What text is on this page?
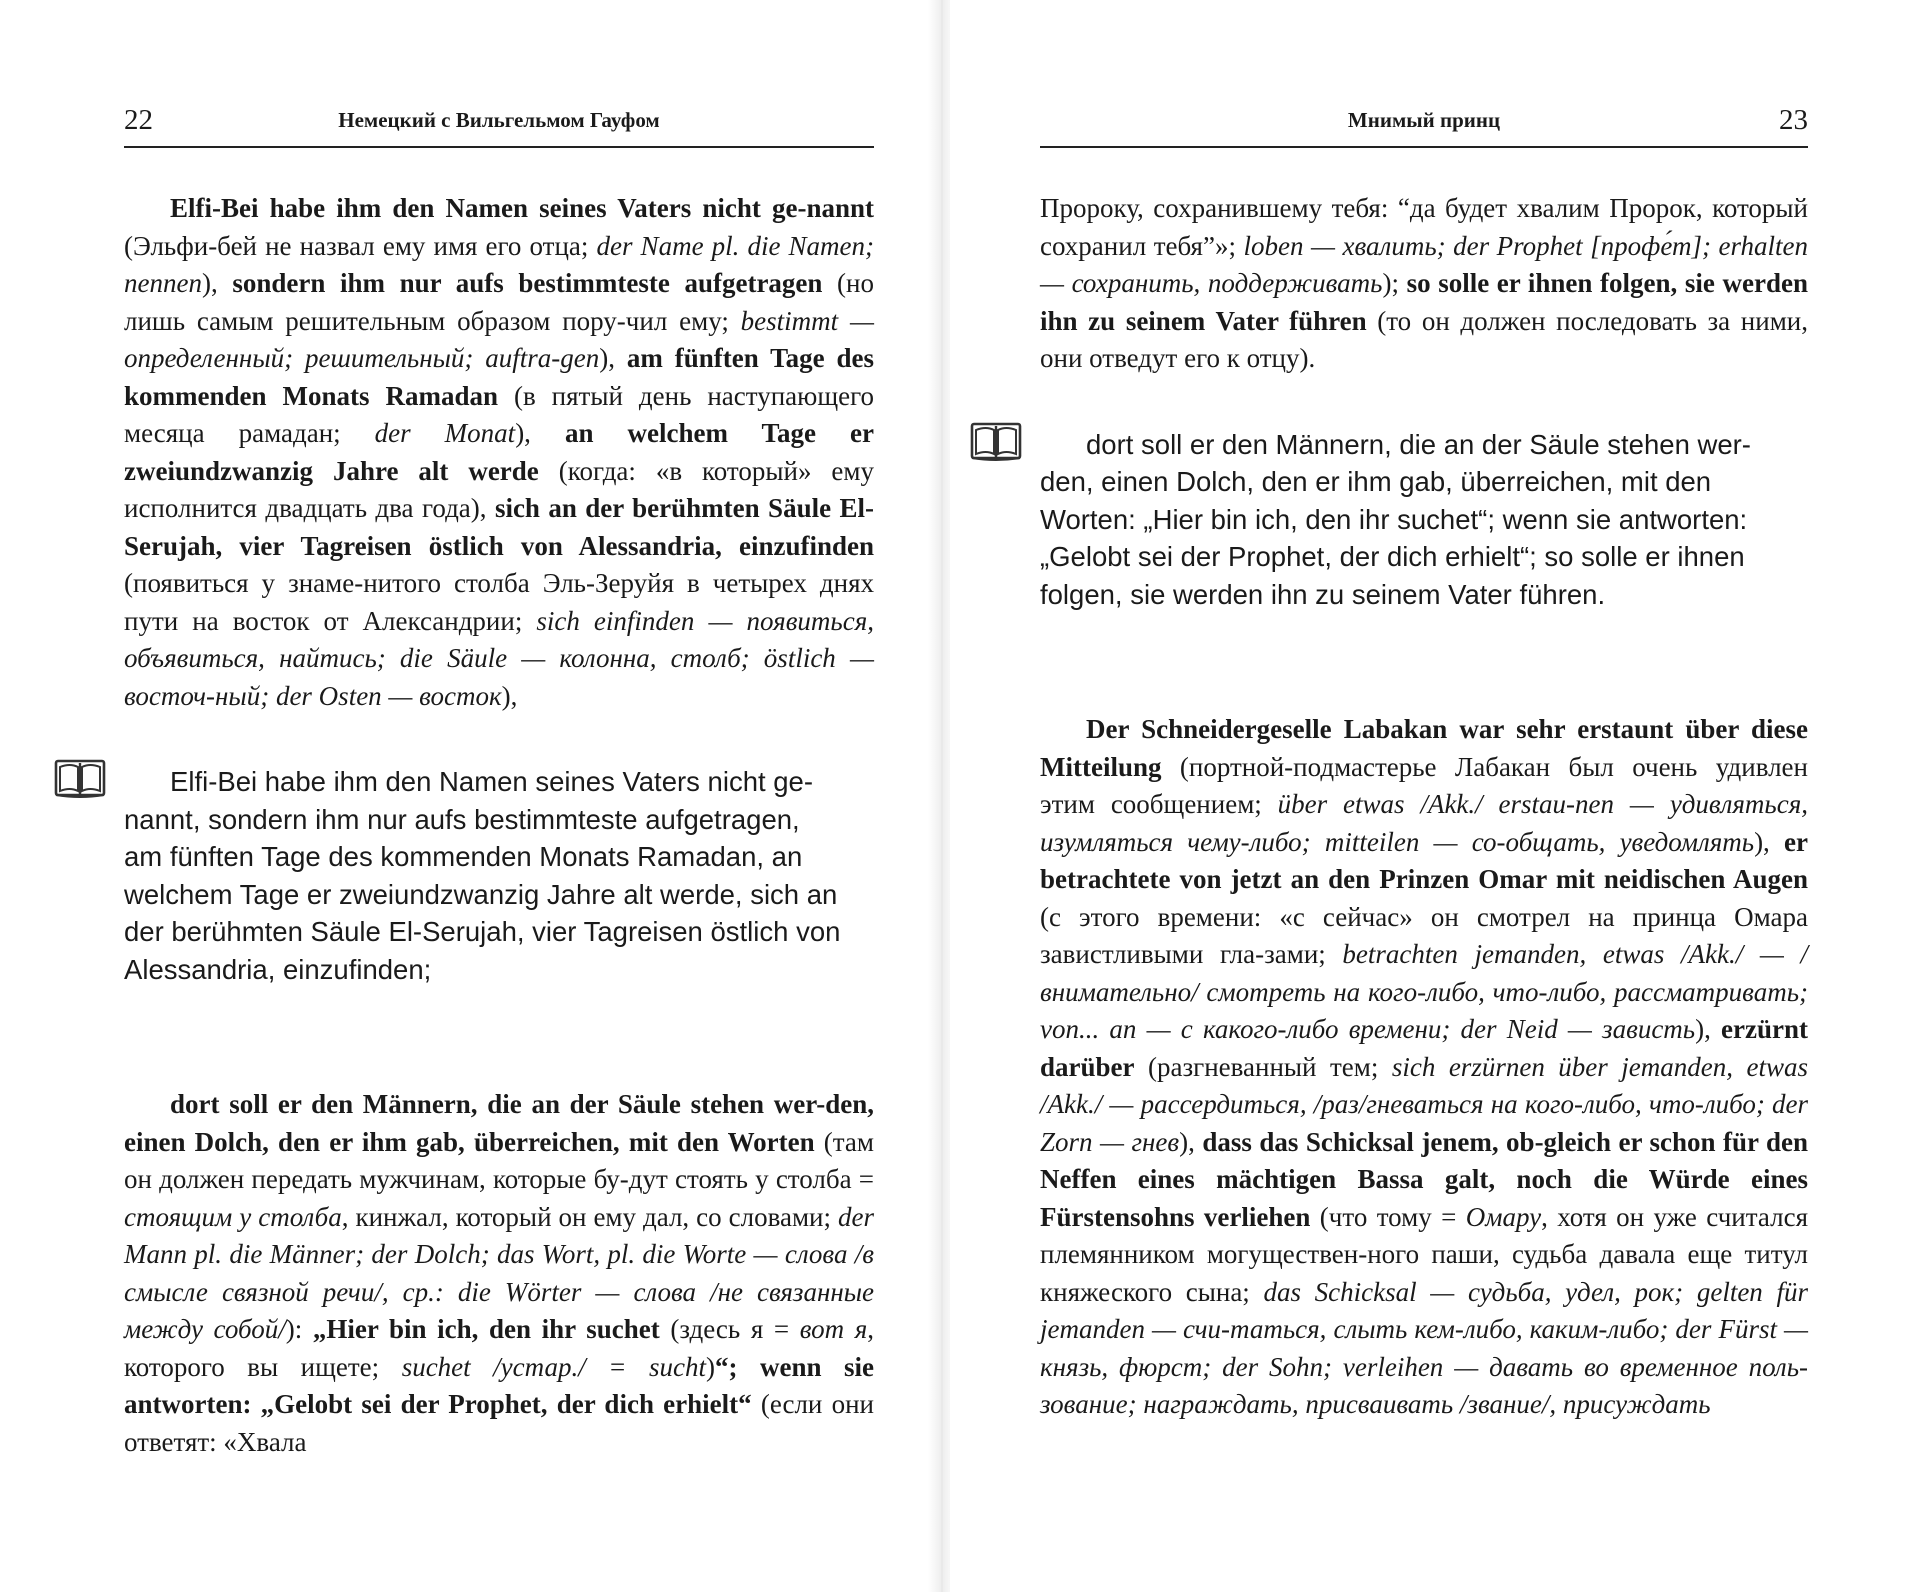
22	Немецкий с Вильгельмом Гауфом

Elfi-Bei habe ihm den Namen seines Vaters nicht ge-nannt (Эльфи-бей не назвал ему имя его отца; der Name pl. die Namen; nennen), sondern ihm nur aufs bestimmteste aufgetragen (но лишь самым решительным образом пору-чил ему; bestimmt — определенный; решительный; auftra-gen), am fünften Tage des kommenden Monats Ramadan (в пятый день наступающего месяца рамадан; der Monat), an welchem Tage er zweiundzwanzig Jahre alt werde (когда: «в который» ему исполнится двадцать два года), sich an der berühmten Säule El-Serujah, vier Tagreisen östlich von Alessandria, einzufinden (появиться у знаме-нитого столба Эль-Зеруйя в четырех днях пути на восток от Александрии; sich einfinden — появиться, объявиться, найтись; die Säule — колонна, столб; östlich — восточ-ный; der Osten — восток),

Elfi-Bei habe ihm den Namen seines Vaters nicht ge-
nannt, sondern ihm nur aufs bestimmteste aufgetragen,
am fünften Tage des kommenden Monats Ramadan, an
welchem Tage er zweiundzwanzig Jahre alt werde, sich an
der berühmten Säule El-Serujah, vier Tagreisen östlich von
Alessandria, einzufinden;

dort soll er den Männern, die an der Säule stehen wer-den, einen Dolch, den er ihm gab, überreichen, mit den Worten (там он должен передать мужчинам, которые бу-дут стоять у столба = стоящим у столба, кинжал, который он ему дал, со словами; der Mann pl. die Männer; der Dolch; das Wort, pl. die Worte — слова /в смысле связной речи/, ср.: die Wörter — слова /не связанные между собой/): „Hier bin ich, den ihr suchet (здесь я = вот я, которого вы ищете; suchet /устар./ = sucht)“; wenn sie antworten: „Gelobt sei der Prophet, der dich erhielt“ (если они ответят: «Хвала

Мнимый принц	23

Пророку, сохранившему тебя: “да будет хвалим Пророк, который сохранил тебя”»; loben — хвалить; der Prophet [профе́т]; erhalten — сохранить, поддерживать); so solle er ihnen folgen, sie werden ihn zu seinem Vater führen (то он должен последовать за ними, они отведут его к отцу).

dort soll er den Männern, die an der Säule stehen wer-
den, einen Dolch, den er ihm gab, überreichen, mit den
Worten: „Hier bin ich, den ihr suchet“; wenn sie antworten:
„Gelobt sei der Prophet, der dich erhielt“; so solle er ihnen
folgen, sie werden ihn zu seinem Vater führen.

Der Schneidergeselle Labakan war sehr erstaunt über diese Mitteilung (портной-подмастерье Лабакан был очень удивлен этим сообщением; über etwas /Akk./ erstau-nen — удивляться, изумляться чему-либо; mitteilen — со-общать, уведомлять), er betrachtete von jetzt an den Prinzen Omar mit neidischen Augen (с этого времени: «с сейчас» он смотрел на принца Омара завистливыми гла-зами; betrachten jemanden, etwas /Akk./ — /внимательно/ смотреть на кого-либо, что-либо, рассматривать; von... an — с какого-либо времени; der Neid — зависть), erzürnt darüber (разгневанный тем; sich erzürnen über jemanden, etwas /Akk./ — рассердиться, /раз/гневаться на кого-либо, что-либо; der Zorn — гнев), dass das Schicksal jenem, ob-gleich er schon für den Neffen eines mächtigen Bassa galt, noch die Würde eines Fürstensohns verliehen (что тому = Омару, хотя он уже считался племянником могуществен-ного паши, судьба давала еще титул княжеского сына; das Schicksal — судьба, удел, рок; gelten für jemanden — счи-таться, слыть кем-либо, каким-либо; der Fürst — князь, фюрст; der Sohn; verleihen — давать во временное поль-зование; награждать, присваивать /звание/, присуждать
